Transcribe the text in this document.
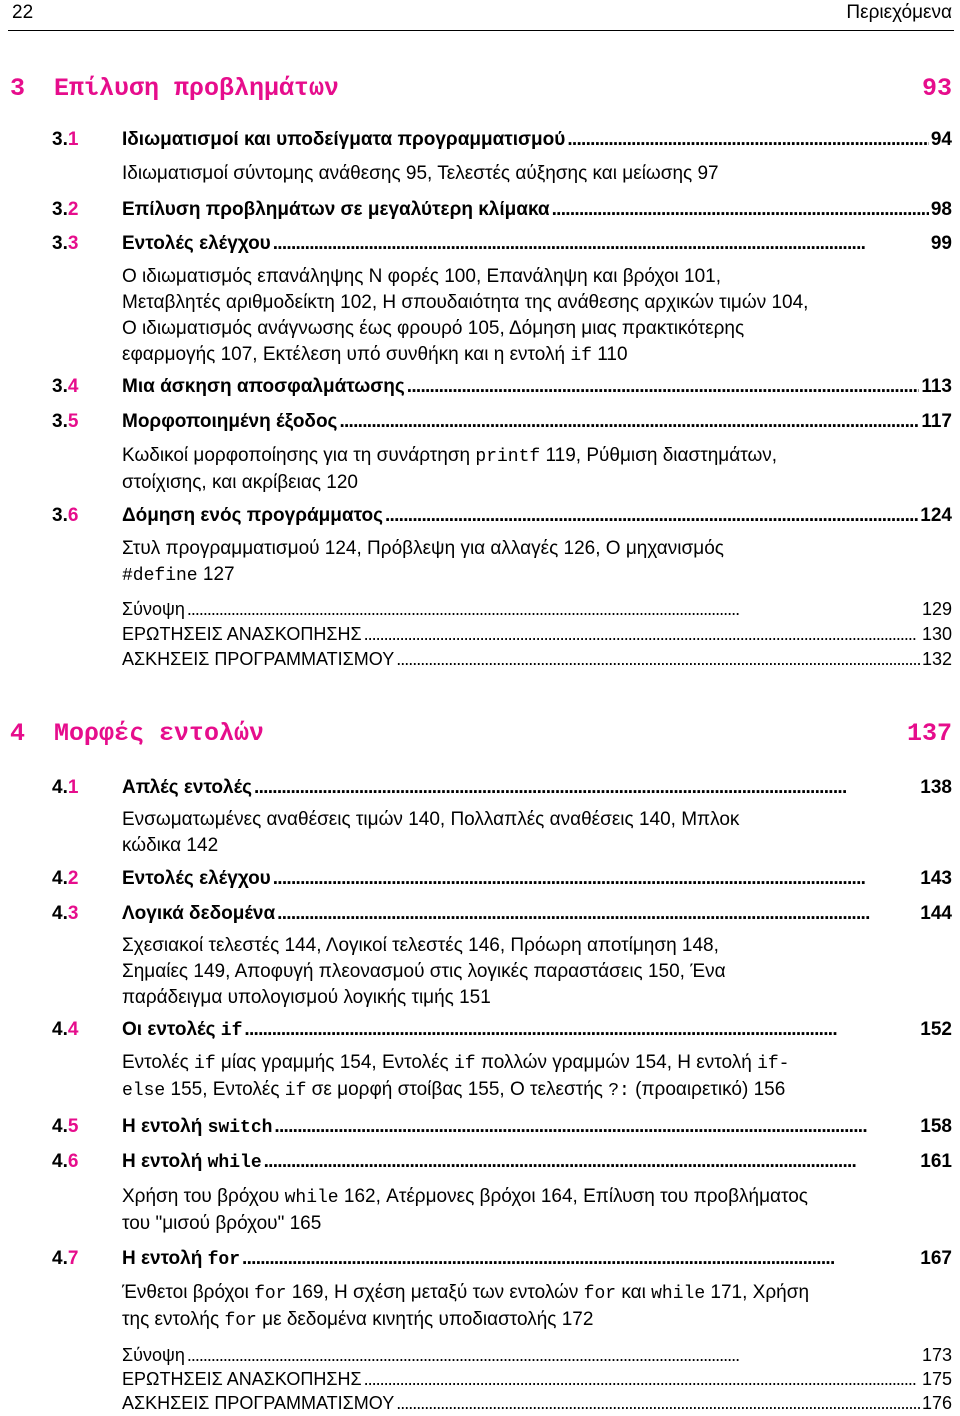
22	Περιεχόμενα
3 Επίλυση προβλημάτων	93
3.1 Ιδιωματισμοί και υποδείγματα προγραμματισμού . . .	94
Ιδιωματισμοί σύντομης ανάθεσης 95, Τελεστές αύξησης και μείωσης 97
3.2 Επίλυση προβλημάτων σε μεγαλύτερη κλίμακα . . .	98
3.3 Εντολές ελέγχου . . .	99
Ο ιδιωματισμός επανάληψης Ν φορές 100, Επανάληψη και βρόχοι 101,
Μεταβλητές αριθμοδείκτη 102, Η σπουδαιότητα της ανάθεσης αρχικών τιμών 104,
Ο ιδιωματισμός ανάγνωσης έως φρουρό 105, Δόμηση μιας πρακτικότερης
εφαρμογής 107, Εκτέλεση υπό συνθήκη και η εντολή if 110
3.4 Μια άσκηση αποσφαλμάτωσης . . .	113
3.5 Μορφοποιημένη έξοδος . . .	117
Κωδικοί μορφοποίησης για τη συνάρτηση printf 119, Ρύθμιση διαστημάτων,
στοίχισης, και ακρίβειας 120
3.6 Δόμηση ενός προγράμματος . . .	124
Στυλ προγραμματισμού 124, Πρόβλεψη για αλλαγές 126, Ο μηχανισμός
#define 127
Σύνοψη . . .	129
ΕΡΩΤΗΣΕΙΣ ΑΝΑΣΚΟΠΗΣΗΣ . . .	130
ΑΣΚΗΣΕΙΣ ΠΡΟΓΡΑΜΜΑΤΙΣΜΟΥ . . .	132
4 Μορφές εντολών	137
4.1 Απλές εντολές . . .	138
Ενσωματωμένες αναθέσεις τιμών 140, Πολλαπλές αναθέσεις 140, Μπλοκ
κώδικα 142
4.2 Εντολές ελέγχου . . .	143
4.3 Λογικά δεδομένα . . .	144
Σχεσιακοί τελεστές 144, Λογικοί τελεστές 146, Πρόωρη αποτίμηση 148,
Σημαίες 149, Αποφυγή πλεονασμού στις λογικές παραστάσεις 150, Ένα
παράδειγμα υπολογισμού λογικής τιμής 151
4.4 Οι εντολές if . . .	152
Εντολές if μίας γραμμής 154, Εντολές if πολλών γραμμών 154, Η εντολή if-
else 155, Εντολές if σε μορφή στοίβας 155, Ο τελεστής ?: (προαιρετικό) 156
4.5 Η εντολή switch . . .	158
4.6 Η εντολή while . . .	161
Χρήση του βρόχου while 162, Ατέρμονες βρόχοι 164, Επίλυση του προβλήματος
του "μισού βρόχου" 165
4.7 Η εντολή for . . .	167
Ένθετοι βρόχοι for 169, Η σχέση μεταξύ των εντολών for και while 171, Χρήση
της εντολής for με δεδομένα κινητής υποδιαστολής 172
Σύνοψη . . .	173
ΕΡΩΤΗΣΕΙΣ ΑΝΑΣΚΟΠΗΣΗΣ . . .	175
ΑΣΚΗΣΕΙΣ ΠΡΟΓΡΑΜΜΑΤΙΣΜΟΥ . . .	176
